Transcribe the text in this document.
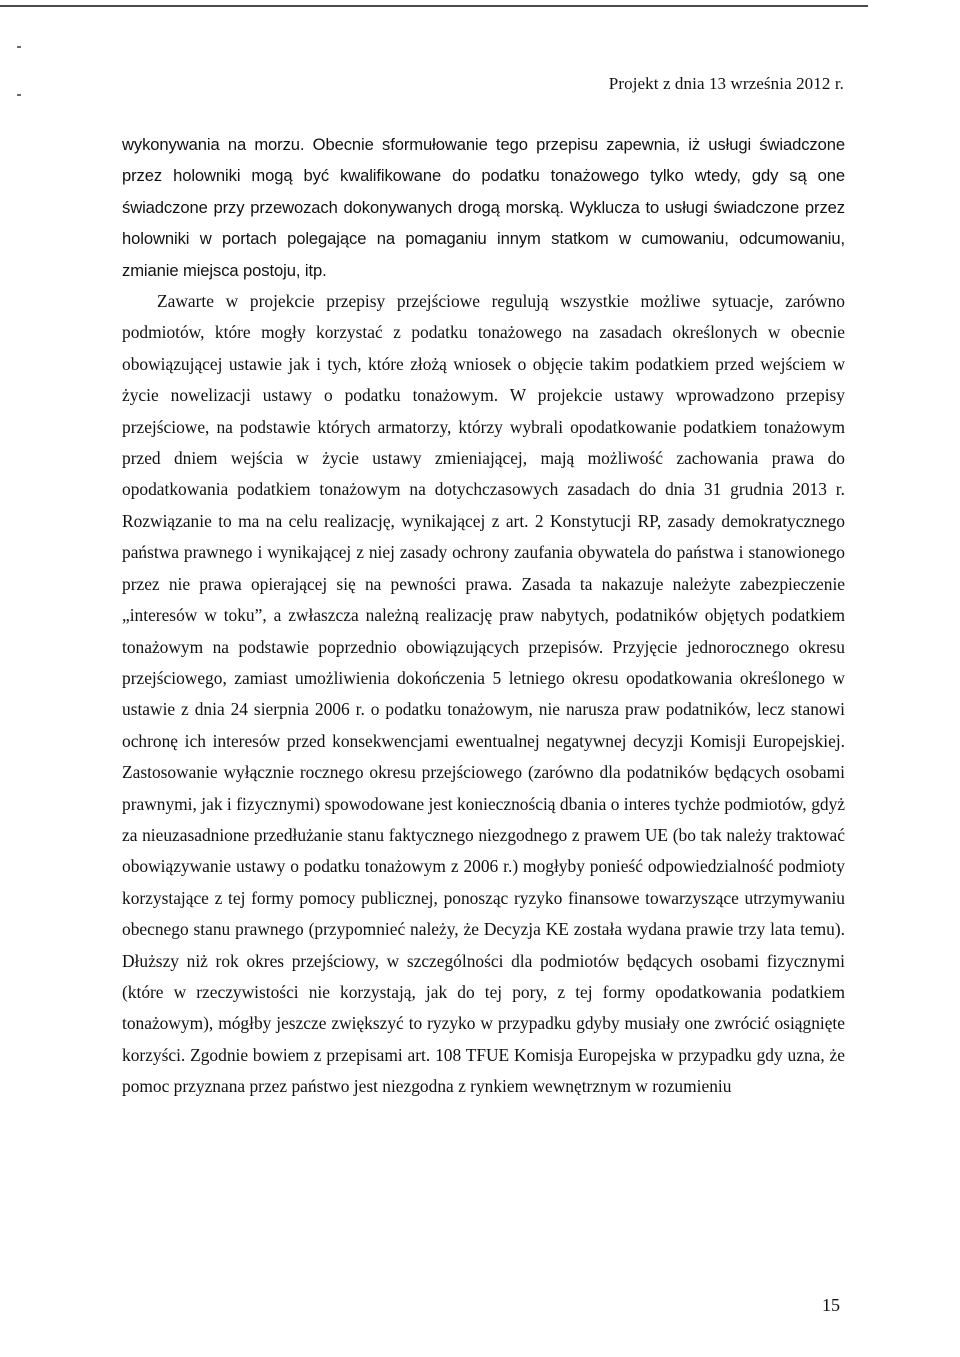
Projekt z dnia 13 września 2012 r.

wykonywania na morzu. Obecnie sformułowanie tego przepisu zapewnia, iż usługi świadczone przez holowniki mogą być kwalifikowane do podatku tonażowego tylko wtedy, gdy są one świadczone przy przewozach dokonywanych drogą morską. Wyklucza to usługi świadczone przez holowniki w portach polegające na pomaganiu innym statkom w cumowaniu, odcumowaniu, zmianie miejsca postoju, itp.

Zawarte w projekcie przepisy przejściowe regulują wszystkie możliwe sytuacje, zarówno podmiotów, które mogły korzystać z podatku tonażowego na zasadach określonych w obecnie obowiązującej ustawie jak i tych, które złożą wniosek o objęcie takim podatkiem przed wejściem w życie nowelizacji ustawy o podatku tonażowym. W projekcie ustawy wprowadzono przepisy przejściowe, na podstawie których armatorzy, którzy wybrali opodatkowanie podatkiem tonażowym przed dniem wejścia w życie ustawy zmieniającej, mają możliwość zachowania prawa do opodatkowania podatkiem tonażowym na dotychczasowych zasadach do dnia 31 grudnia 2013 r. Rozwiązanie to ma na celu realizację, wynikającej z art. 2 Konstytucji RP, zasady demokratycznego państwa prawnego i wynikającej z niej zasady ochrony zaufania obywatela do państwa i stanowionego przez nie prawa opierającej się na pewności prawa. Zasada ta nakazuje należyte zabezpieczenie „interesów w toku”, a zwłaszcza należną realizację praw nabytych, podatników objętych podatkiem tonażowym na podstawie poprzednio obowiązujących przepisów. Przyjęcie jednorocznego okresu przejściowego, zamiast umożliwienia dokończenia 5 letniego okresu opodatkowania określonego w ustawie z dnia 24 sierpnia 2006 r. o podatku tonażowym, nie narusza praw podatników, lecz stanowi ochronę ich interesów przed konsekwencjami ewentualnej negatywnej decyzji Komisji Europejskiej. Zastosowanie wyłącznie rocznego okresu przejściowego (zarówno dla podatników będących osobami prawnymi, jak i fizycznymi) spowodowane jest koniecznością dbania o interes tychże podmiotów, gdyż za nieuzasadnione przedłużanie stanu faktycznego niezgodnego z prawem UE (bo tak należy traktować obowiązywanie ustawy o podatku tonażowym z 2006 r.) mogłyby ponieść odpowiedzialność podmioty korzystające z tej formy pomocy publicznej, ponosząc ryzyko finansowe towarzyszące utrzymywaniu obecnego stanu prawnego (przypomnieć należy, że Decyzja KE została wydana prawie trzy lata temu). Dłuższy niż rok okres przejściowy, w szczególności dla podmiotów będących osobami fizycznymi (które w rzeczywistości nie korzystają, jak do tej pory, z tej formy opodatkowania podatkiem tonażowym), mógłby jeszcze zwiększyć to ryzyko w przypadku gdyby musiały one zwrócić osiągnięte korzyści. Zgodnie bowiem z przepisami art. 108 TFUE Komisja Europejska w przypadku gdy uzna, że pomoc przyznana przez państwo jest niezgodna z rynkiem wewnętrznym w rozumieniu

15
